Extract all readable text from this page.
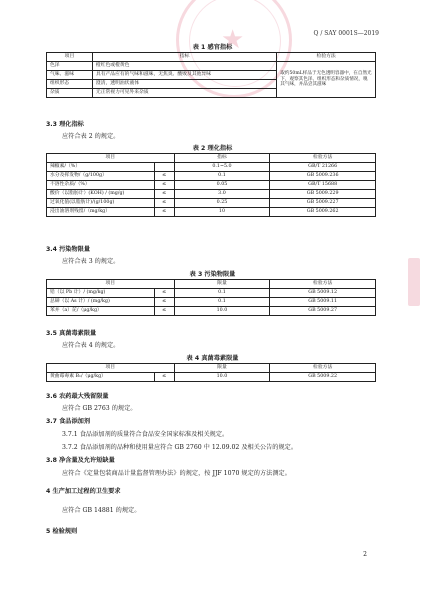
★	Q / SAY 0001S—2019
表 1 感官指标
项目	指标	检验方法
色泽	橙红色或橙黄色	取约50mL样品于无色透明容器中，在自然光下，观察其色泽、组织形态和杂质情况，嗅其气味，并品尝其滋味
气味、滋味	具有产品应有的气味和滋味，无焦臭、酸败及其他异味	
组织形态	澄清，透明油状液体	
杂质	无正常视力可见外来杂质	
3.3 理化指标
应符合表 2 的规定。
表 2 理化指标
项目		指标	检验方法
辣椒素/（%）		0.1~5.0	GB/T 21266
水分及挥发物/（g/100g）	≤	0.1	GB 5009.236
不溶性杂质/（%）	≤	0.05	GB/T 15688
酸价（以脂肪计）(KOH) / (mg/g)	≤	3.0	GB 5009.229
过氧化值(以脂肪计)/(g/100g)	≤	0.25	GB 5009.227
浸出油溶剂残留/（mg/kg）	≤	10	GB 5009.262
3.4 污染物限量
应符合表 3 的规定。
表 3 污染物限量
项目		限量	检验方法
铅（以 Pb 计）/ (mg/kg)	≤	0.1	GB 5009.12
总砷（以 As 计）/ (mg/kg)	≤	0.1	GB 5009.11
苯并（a）芘/（μg/kg）	≤	10.0	GB 5009.27
3.5 真菌毒素限量
应符合表 4 的规定。
表 4 真菌毒素限量
项目		限量	检验方法
黄曲霉毒素 B₁/（μg/kg）	≤	10.0	GB 5009.22
3.6 农药最大残留限量
应符合 GB 2763 的规定。
3.7 食品添加剂
3.7.1 食品添加剂的质量符合食品安全国家标准及相关规定。
3.7.2 食品添加剂的品种和使用量应符合 GB 2760 中 12.09.02 及相关公告的规定。
3.8 净含量及允许短缺量
应符合《定量包装商品计量监督管理办法》的规定，按 JJF 1070 规定的方法测定。
4 生产加工过程的卫生要求
应符合 GB 14881 的规定。
5 检验规则
2
